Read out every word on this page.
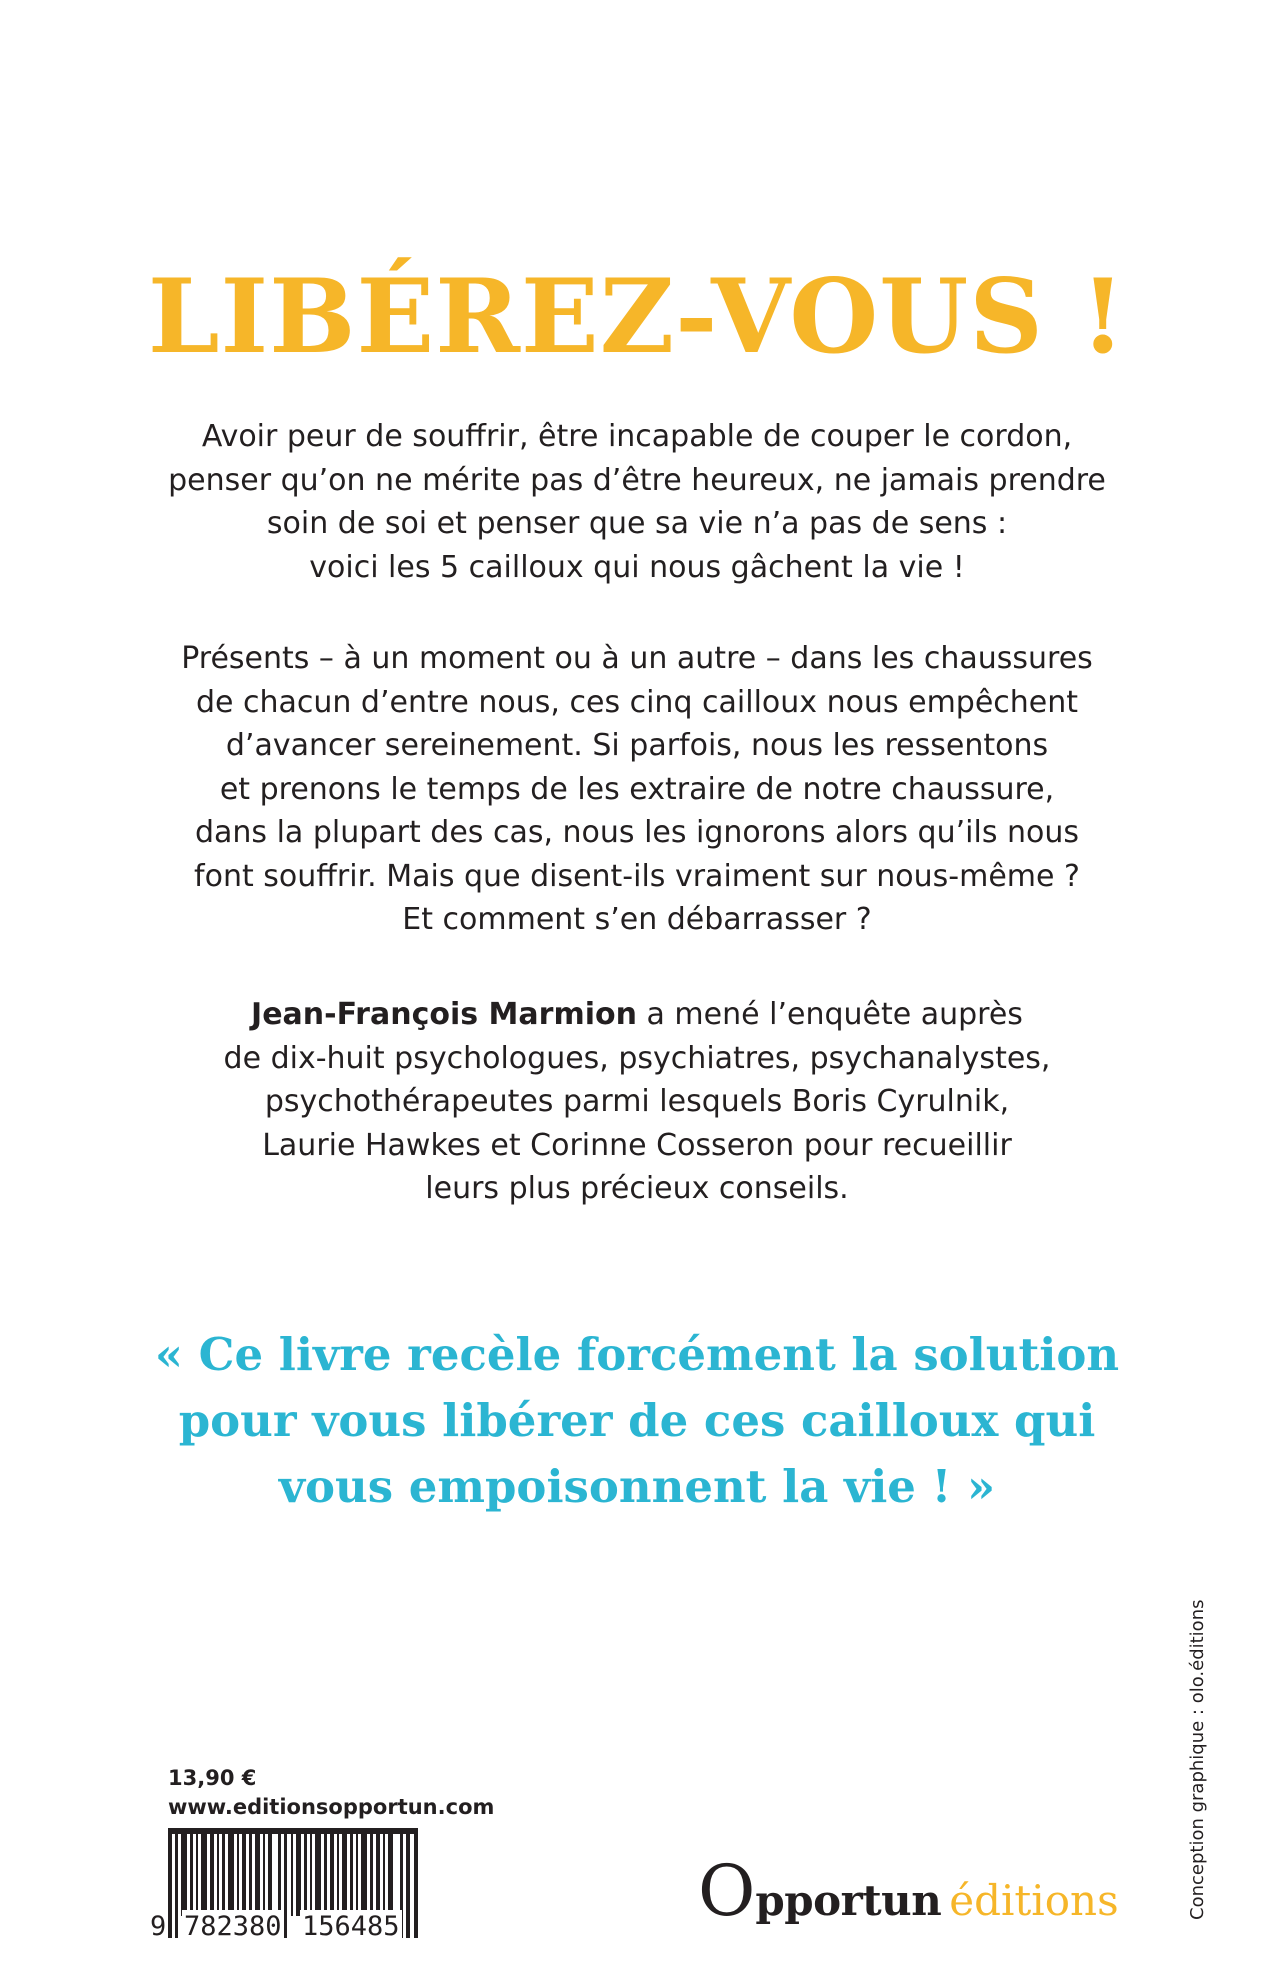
LIBÉREZ-VOUS !
Avoir peur de souffrir, être incapable de couper le cordon,
penser qu’on ne mérite pas d’être heureux, ne jamais prendre
soin de soi et penser que sa vie n’a pas de sens :
voici les 5 cailloux qui nous gâchent la vie !
Présents – à un moment ou à un autre – dans les chaussures
de chacun d’entre nous, ces cinq cailloux nous empêchent
d’avancer sereinement. Si parfois, nous les ressentons
et prenons le temps de les extraire de notre chaussure,
dans la plupart des cas, nous les ignorons alors qu’ils nous
font souffrir. Mais que disent-ils vraiment sur nous-même ?
Et comment s’en débarrasser ?
Jean-François Marmion a mené l’enquête auprès
de dix-huit psychologues, psychiatres, psychanalystes,
psychothérapeutes parmi lesquels Boris Cyrulnik,
Laurie Hawkes et Corinne Cosseron pour recueillir
leurs plus précieux conseils.
« Ce livre recèle forcément la solution
pour vous libérer de ces cailloux qui
vous empoisonnent la vie ! »
13,90 €
www.editionsopportun.com
9 782380 156485	Opportun éditions	Conception graphique : olo.éditions
